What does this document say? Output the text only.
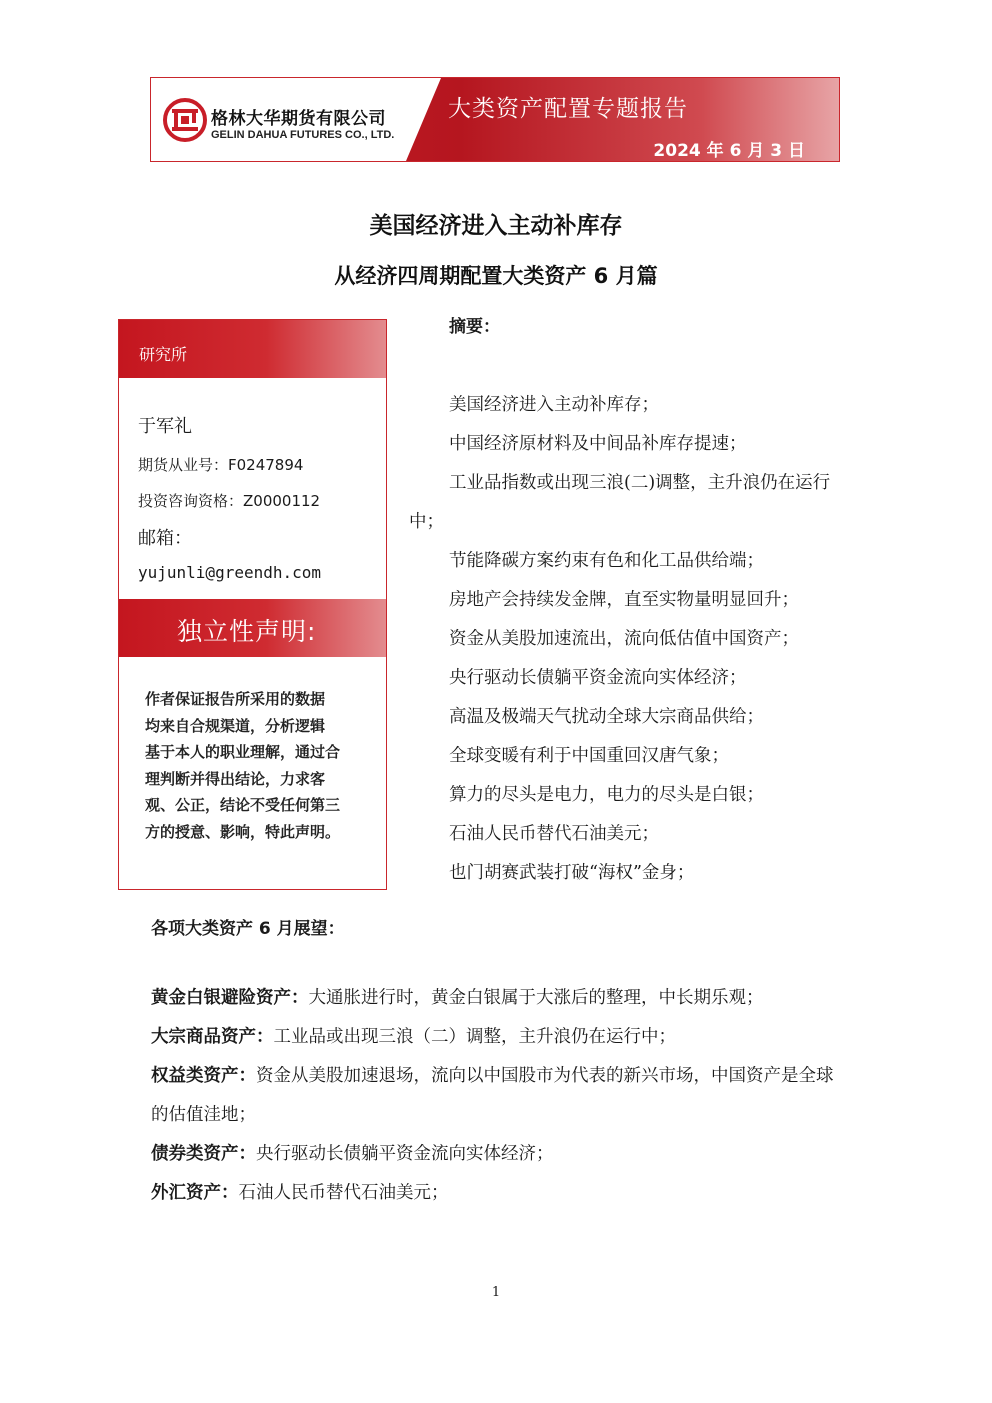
格林大华期货有限公司
GELIN DAHUA FUTURES CO., LTD.
大类资产配置专题报告
2024 年 6 月 3 日
美国经济进入主动补库存
从经济四周期配置大类资产 6 月篇
研究所
于军礼
期货从业号：F0247894
投资咨询资格：Z0000112
邮箱：
yujunli@greendh.com
独立性声明:
作者保证报告所采用的数据
均来自合规渠道，分析逻辑
基于本人的职业理解，通过合
理判断并得出结论，力求客
观、公正，结论不受任何第三
方的授意、影响，特此声明。
摘要：

美国经济进入主动补库存；

中国经济原材料及中间品补库存提速；

工业品指数或出现三浪(二)调整，主升浪仍在运行中；

节能降碳方案约束有色和化工品供给端；

房地产会持续发金牌，直至实物量明显回升；

资金从美股加速流出，流向低估值中国资产；

央行驱动长债躺平资金流向实体经济；

高温及极端天气扰动全球大宗商品供给；

全球变暖有利于中国重回汉唐气象；

算力的尽头是电力，电力的尽头是白银；

石油人民币替代石油美元；

也门胡赛武装打破“海权”金身；

各项大类资产 6 月展望：

黄金白银避险资产：大通胀进行时，黄金白银属于大涨后的整理，中长期乐观；

大宗商品资产：工业品或出现三浪（二）调整，主升浪仍在运行中；

权益类资产：资金从美股加速退场，流向以中国股市为代表的新兴市场，中国资产是全球的估值洼地；

债券类资产：央行驱动长债躺平资金流向实体经济；

外汇资产：石油人民币替代石油美元；

1
